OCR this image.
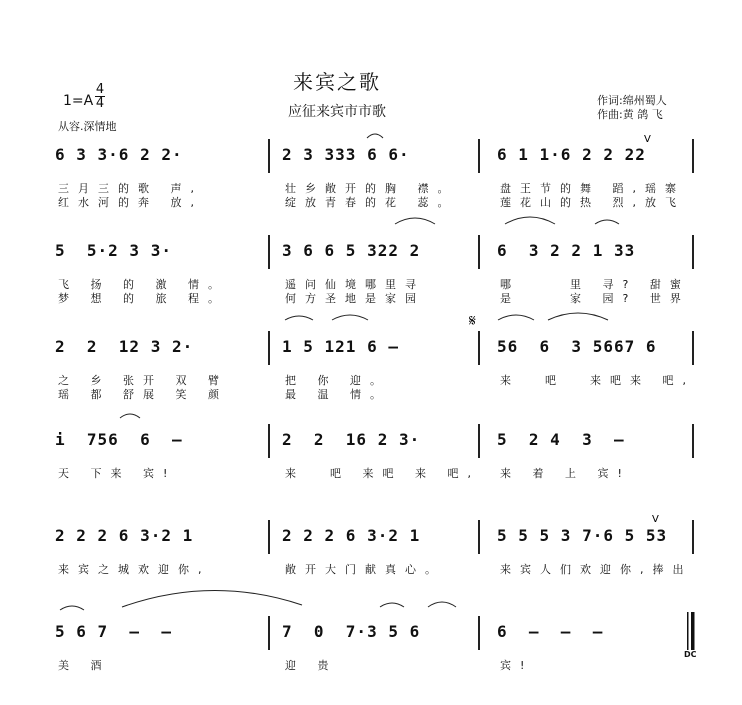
来宾之歌
应征来宾市市歌
1=A
4
4
从容.深情地
作词:绵州蜀人
作曲:黄 鸽 飞
6 3 3·6 2 2·
三月三的歌 声,
红水河的奔 放,
2 3 333 6 6·
壮乡敞开的胸 襟。
绽放青春的花 蕊。
6 1 1·6 2 2 22
盘王节的舞 蹈,瑶寨
莲花山的热 烈,放飞
5  5·2 3 3·
飞 扬 的 激 情。
梦 想 的 旅 程。
3 6 6 5 322 2
遥问仙境哪里寻
何方圣地是家园
6  3 2 2 1 33
哪    里 寻? 甜蜜
是    家 园? 世界
2  2  12 3 2·
之 乡 张开 双 臂
瑶 都 舒展 笑 颜
1 5 121 6 —
把 你 迎。
最 温 情。
56  6  3 5667 6
来  吧  来吧来 吧,
i  756  6  —
天 下来 宾!
2  2  16 2 3·
来  吧 来吧 来 吧,
5  2 4  3  —
来 着 上 宾!
2 2 2 6 3·2 1
来宾之城欢迎你,
2 2 2 6 3·2 1
敞开大门献真心。
5 5 5 3 7·6 5 53
来宾人们欢迎你,捧出
5 6 7  —  —
美 酒
7  0  7·3 5 6
迎 贵
6  —  —  —
宾!
DC
V
V
𝄋
